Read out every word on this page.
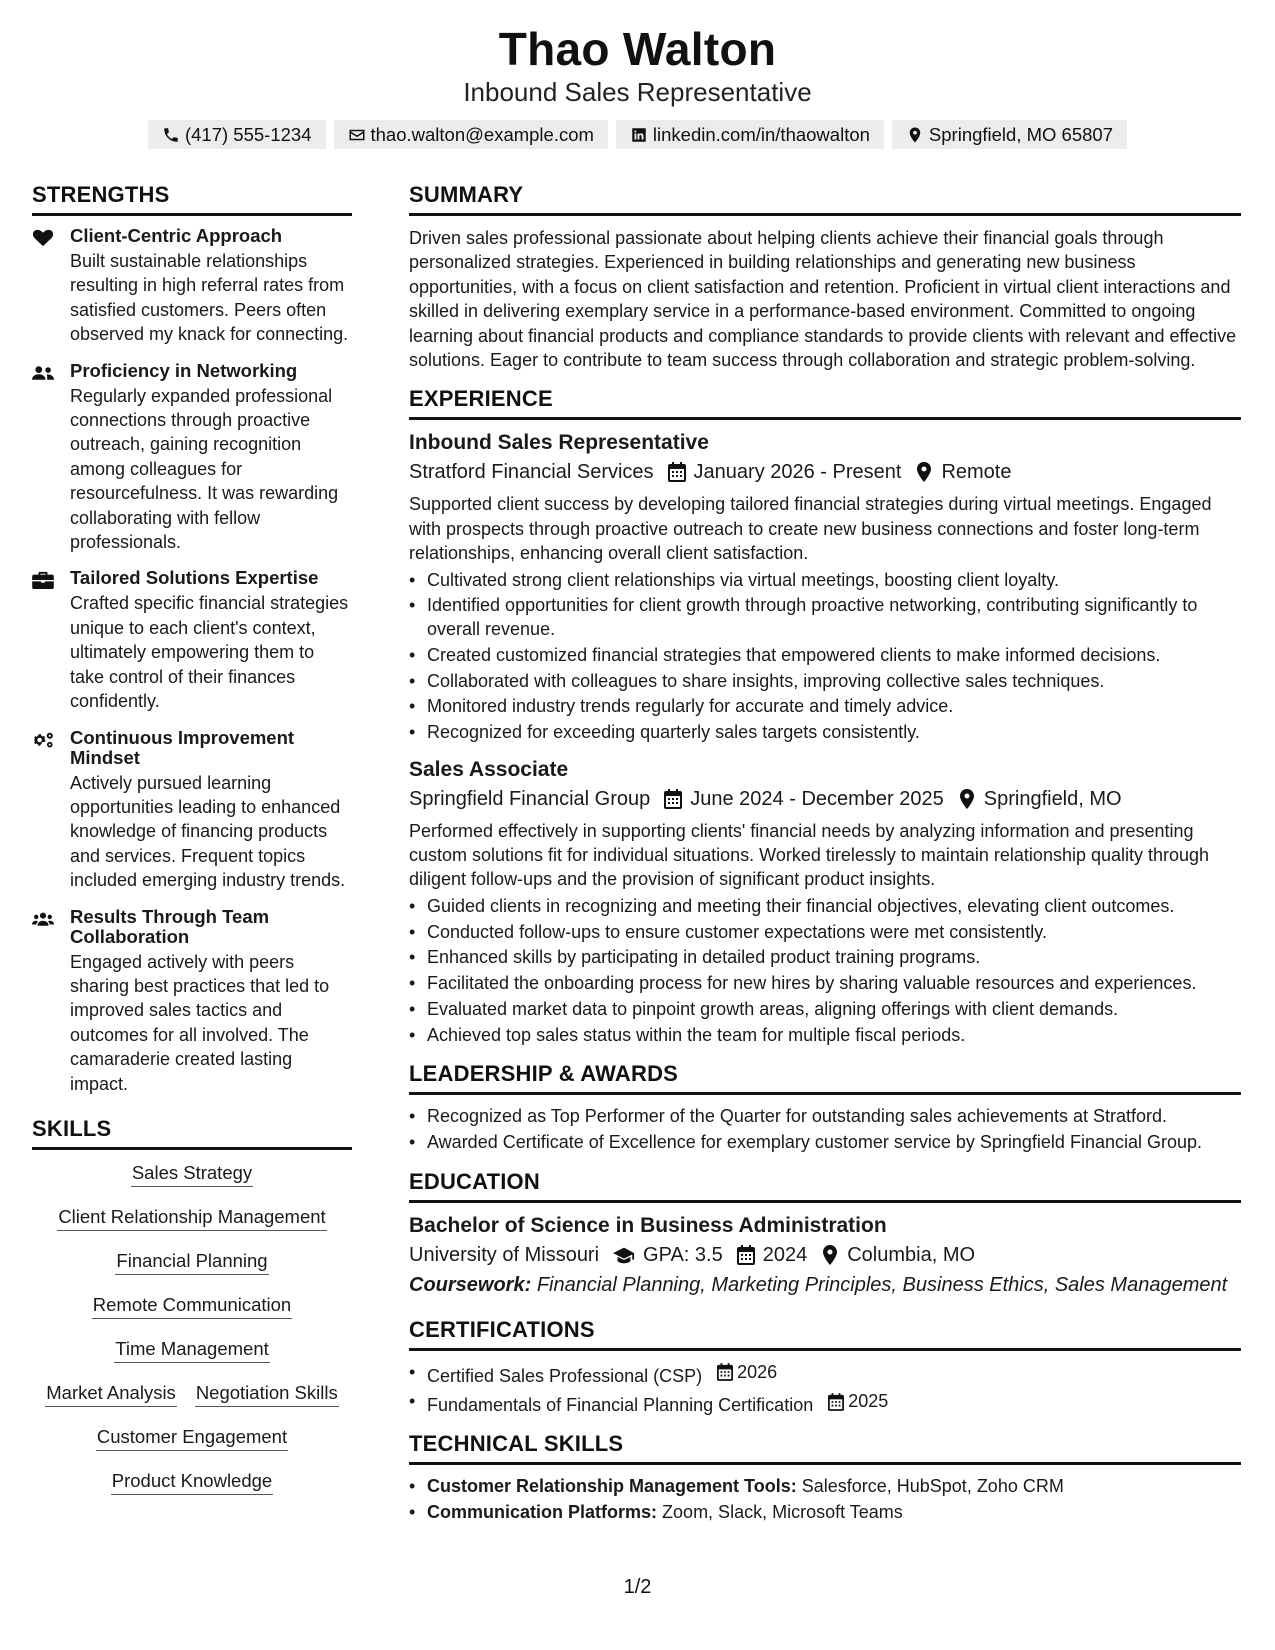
Thao Walton
Inbound Sales Representative
(417) 555-1234	thao.walton@example.com	linkedin.com/in/thaowalton	Springfield, MO 65807
STRENGTHS
Client-Centric Approach
Built sustainable relationships resulting in high referral rates from satisfied customers. Peers often observed my knack for connecting.
Proficiency in Networking
Regularly expanded professional connections through proactive outreach, gaining recognition among colleagues for resourcefulness. It was rewarding collaborating with fellow professionals.
Tailored Solutions Expertise
Crafted specific financial strategies unique to each client's context, ultimately empowering them to take control of their finances confidently.
Continuous Improvement Mindset
Actively pursued learning opportunities leading to enhanced knowledge of financing products and services. Frequent topics included emerging industry trends.
Results Through Team Collaboration
Engaged actively with peers sharing best practices that led to improved sales tactics and outcomes for all involved. The camaraderie created lasting impact.
SKILLS
Sales Strategy
Client Relationship Management
Financial Planning
Remote Communication
Time Management
Market Analysis Negotiation Skills
Customer Engagement
Product Knowledge
SUMMARY
Driven sales professional passionate about helping clients achieve their financial goals through personalized strategies. Experienced in building relationships and generating new business opportunities, with a focus on client satisfaction and retention. Proficient in virtual client interactions and skilled in delivering exemplary service in a performance-based environment. Committed to ongoing learning about financial products and compliance standards to provide clients with relevant and effective solutions. Eager to contribute to team success through collaboration and strategic problem-solving.
EXPERIENCE
Inbound Sales Representative
Stratford Financial Services January 2026 - Present Remote
Supported client success by developing tailored financial strategies during virtual meetings. Engaged with prospects through proactive outreach to create new business connections and foster long-term relationships, enhancing overall client satisfaction.
• Cultivated strong client relationships via virtual meetings, boosting client loyalty.
• Identified opportunities for client growth through proactive networking, contributing significantly to overall revenue.
• Created customized financial strategies that empowered clients to make informed decisions.
• Collaborated with colleagues to share insights, improving collective sales techniques.
• Monitored industry trends regularly for accurate and timely advice.
• Recognized for exceeding quarterly sales targets consistently.
Sales Associate
Springfield Financial Group June 2024 - December 2025 Springfield, MO
Performed effectively in supporting clients' financial needs by analyzing information and presenting custom solutions fit for individual situations. Worked tirelessly to maintain relationship quality through diligent follow-ups and the provision of significant product insights.
• Guided clients in recognizing and meeting their financial objectives, elevating client outcomes.
• Conducted follow-ups to ensure customer expectations were met consistently.
• Enhanced skills by participating in detailed product training programs.
• Facilitated the onboarding process for new hires by sharing valuable resources and experiences.
• Evaluated market data to pinpoint growth areas, aligning offerings with client demands.
• Achieved top sales status within the team for multiple fiscal periods.
LEADERSHIP & AWARDS
• Recognized as Top Performer of the Quarter for outstanding sales achievements at Stratford.
• Awarded Certificate of Excellence for exemplary customer service by Springfield Financial Group.
EDUCATION
Bachelor of Science in Business Administration
University of Missouri GPA: 3.5 2024 Columbia, MO
Coursework: Financial Planning, Marketing Principles, Business Ethics, Sales Management
CERTIFICATIONS
• Certified Sales Professional (CSP) 2026
• Fundamentals of Financial Planning Certification 2025
TECHNICAL SKILLS
• Customer Relationship Management Tools: Salesforce, HubSpot, Zoho CRM
• Communication Platforms: Zoom, Slack, Microsoft Teams
1/2
